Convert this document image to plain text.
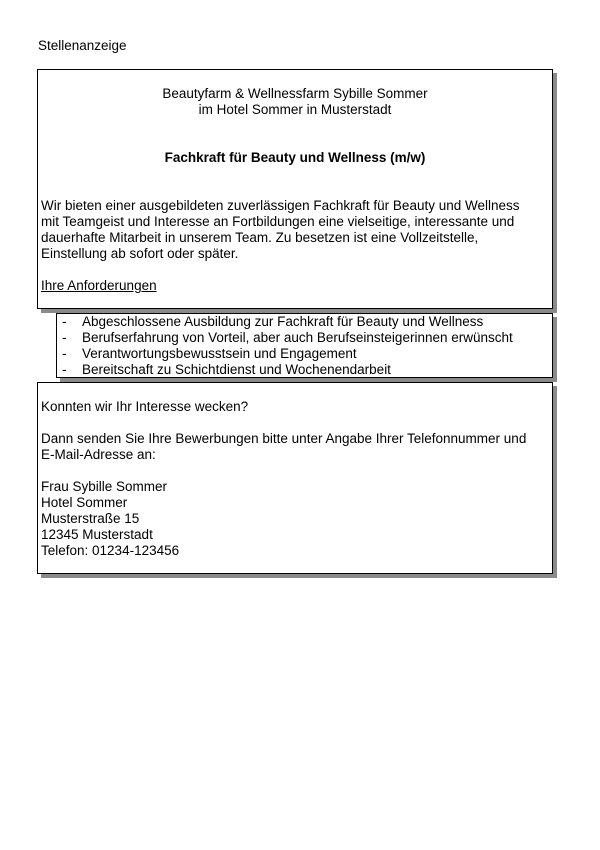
Stellenanzeige
Beautyfarm & Wellnessfarm Sybille Sommer
im Hotel Sommer in Musterstadt
Fachkraft für Beauty und Wellness (m/w)
Wir bieten einer ausgebildeten zuverlässigen Fachkraft für Beauty und Wellness
mit Teamgeist und Interesse an Fortbildungen eine vielseitige, interessante und
dauerhafte Mitarbeit in unserem Team. Zu besetzen ist eine Vollzeitstelle,
Einstellung ab sofort oder später.
Ihre Anforderungen
-	Abgeschlossene Ausbildung zur Fachkraft für Beauty und Wellness
-	Berufserfahrung von Vorteil, aber auch Berufseinsteigerinnen erwünscht
-	Verantwortungsbewusstsein und Engagement
-	Bereitschaft zu Schichtdienst und Wochenendarbeit
Konnten wir Ihr Interesse wecken?
Dann senden Sie Ihre Bewerbungen bitte unter Angabe Ihrer Telefonnummer und
E-Mail-Adresse an:
Frau Sybille Sommer
Hotel Sommer
Musterstraße 15
12345 Musterstadt
Telefon: 01234-123456
